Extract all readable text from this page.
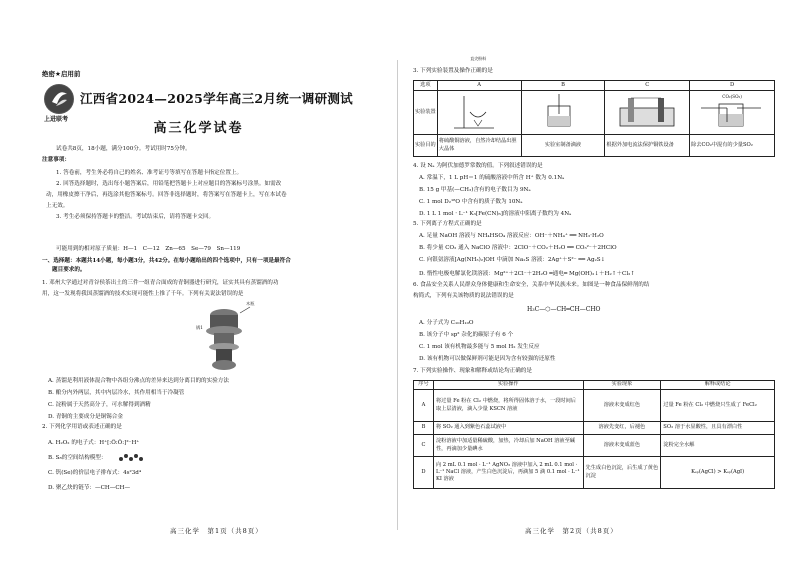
绝密★启用前
上进联考
江西省2024—2025学年高三2月统一调研测试
高三化学试卷
试卷共8页，18小题，满分100分。考试用时75分钟。
注意事项：
1. 答卷前，考生务必将自己的姓名、准考证号等填写在答题卡指定位置上。
2. 回答选择题时，选出每小题答案后，用铅笔把答题卡上对应题目的答案标号涂黑。如需改
动，用橡皮擦干净后，再选涂其他答案标号。回答非选择题时，将答案写在答题卡上，写在本试卷
上无效。
3. 考生必须保持答题卡的整洁。考试结束后，请将答题卡交回。
可能用到的相对原子质量：H—1　C—12　Zn—65　Se—79　Sn—119
一、选择题：本题共14小题，每小题3分，共42分。在每小题给出的四个选项中，只有一项是最符合
题目要求的。
1. 邓州大学通过对青谷侯茶出土的三件一组青合面成的青铜器进行研究，证实其具有蒸馏酒的功
用，这一发现将我国蒸馏酒的技术实现可能性上推了千年。下列有关说法错误的是
木瓶
锅1
A. 蒸馏是利用液体混合物中各组分沸点的差异来达到分离目的的实验方法
B. 酿分内外两层，其中内层冷水，其作用相当于冷凝管
C. 淀粉属于天然高分子，可水解得到酒精
D. 青铜的主要成分是铜锡合金
2. 下列化学用语或表述正确的是
A. H₂O₂ 的电子式：H⁺[:Ö:Ö:]²⁻H⁺
B. S₈的空间结构模型：
C. 钒(Se)的价层电子排布式：4s²3d⁴
D. 聚乙炔的链节：—CH—CH—
高三化学　第1页（共8页）
3. 下列实验装置及操作正确的是
选项	A	B	C	D
实验装置	直尖粉料			CO₂(SO₂)

实验目的	将硫酸铜溶液，自然冷却结晶出胆大晶体	实验室制备滴液	根据外加电流法保护铜铁设备	除去CO₂中混有的少量SO₂
4. 设 Nₐ 为阿伏加德罗常数的值。下列叙述错误的是
A. 常温下，1 L pH＝1 的硫酸溶液中所含 H⁺ 数为 0.1Nₐ
B. 15 g 甲基(—CH₃)含有的电子数目为 9Nₐ
C. 1 mol D₂¹⁸O 中含有的质子数为 10Nₐ
D. 1 L 1 mol · L⁻¹ K₃[Fe(CN)₆]的溶液中阳离子数约为 4Nₐ
5. 下列离子方程式正确的是
A. 足量 NaOH 溶液与 NH₄HSO₄ 溶液反应：OH⁻＋NH₄⁺ ══ NH₃·H₂O
B. 将少量 CO₂ 通入 NaClO 溶液中：2ClO⁻＋CO₂＋H₂O ══ CO₃²⁻＋2HClO
C. 向银氨溶液[Ag(NH₃)₂]OH 中滴加 Na₂S 溶液：2Ag⁺＋S²⁻ ══ Ag₂S↓
D. 惰性电极电解氯化镁溶液：Mg²⁺＋2Cl⁻＋2H₂O ═通电═ Mg(OH)₂↓＋H₂↑＋Cl₂↑
6. 食品安全关系人民群众身体健康和生命安全，关系中华民族未来。如图是一种食品保鲜剂的结
构简式，下列有关该物质的说法错误的是
H₃C—⬡—CH═CH—CHO
A. 分子式为 C₁₀H₁₀O
B. 该分子中 sp² 杂化的碳原子有 6 个
C. 1 mol 该有机物最多能与 5 mol H₂ 发生反应
D. 该有机物可以做保鲜剂可能是因为含有较强的还原性
7. 下列实验操作、现象和解释或结论均正确的是
序号	实验操作	实验现象	解释或结论
A	将过量 Fe 粉在 Cl₂ 中燃烧，将所得固体溶于水，一段时间后取上层清液，滴入少量 KSCN 溶液	溶液未变成红色	过量 Fe 粉在 Cl₂ 中燃烧只生成了 FeCl₂
B	将 SO₂ 通入到紫色石蕊试液中	溶液先变红，后褪色	SO₂ 溶于水显酸性，且具有漂白性
C	淀粉溶液中加适量稀硫酸，加热，冷却后加 NaOH 溶液至碱性，再滴加少量碘水	溶液未变成蓝色	淀粉完全水解
D	向 2 mL 0.1 mol · L⁻¹ AgNO₃ 溶液中加入 2 mL 0.1 mol · L⁻¹ NaCl 溶液，产生白色沉淀后，再滴加 5 滴 0.1 mol · L⁻¹ KI 溶液	先生成白色沉淀，后生成了黄色沉淀	Kₛₚ(AgCl) > Kₛₚ(AgI)
高三化学　第2页（共8页）
